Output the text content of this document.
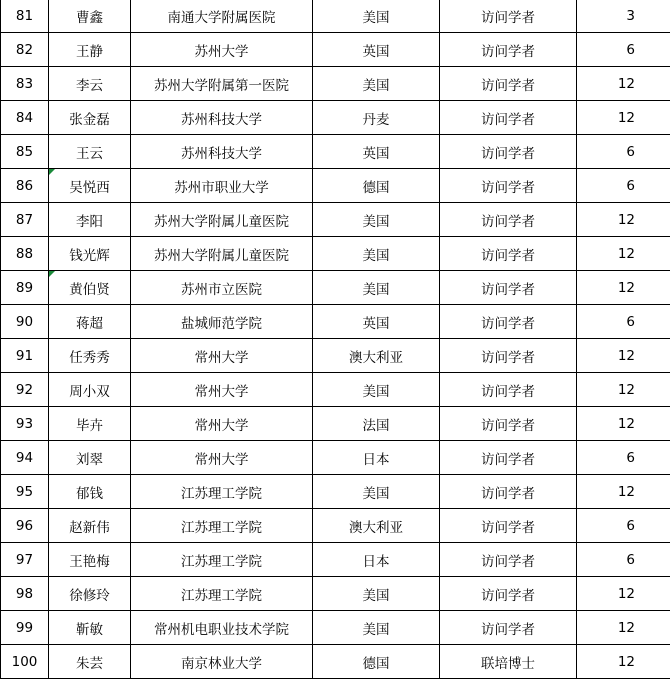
81	曹鑫	南通大学附属医院	美国	访问学者	3
82	王静	苏州大学	英国	访问学者	6
83	李云	苏州大学附属第一医院	美国	访问学者	12
84	张金磊	苏州科技大学	丹麦	访问学者	12
85	王云	苏州科技大学	英国	访问学者	6
86	吴悦西	苏州市职业大学	德国	访问学者	6
87	李阳	苏州大学附属儿童医院	美国	访问学者	12
88	钱光辉	苏州大学附属儿童医院	美国	访问学者	12
89	黄伯贤	苏州市立医院	美国	访问学者	12
90	蒋超	盐城师范学院	英国	访问学者	6
91	任秀秀	常州大学	澳大利亚	访问学者	12
92	周小双	常州大学	美国	访问学者	12
93	毕卉	常州大学	法国	访问学者	12
94	刘翠	常州大学	日本	访问学者	6
95	郁钱	江苏理工学院	美国	访问学者	12
96	赵新伟	江苏理工学院	澳大利亚	访问学者	6
97	王艳梅	江苏理工学院	日本	访问学者	6
98	徐修玲	江苏理工学院	美国	访问学者	12
99	靳敏	常州机电职业技术学院	美国	访问学者	12
100	朱芸	南京林业大学	德国	联培博士	12
